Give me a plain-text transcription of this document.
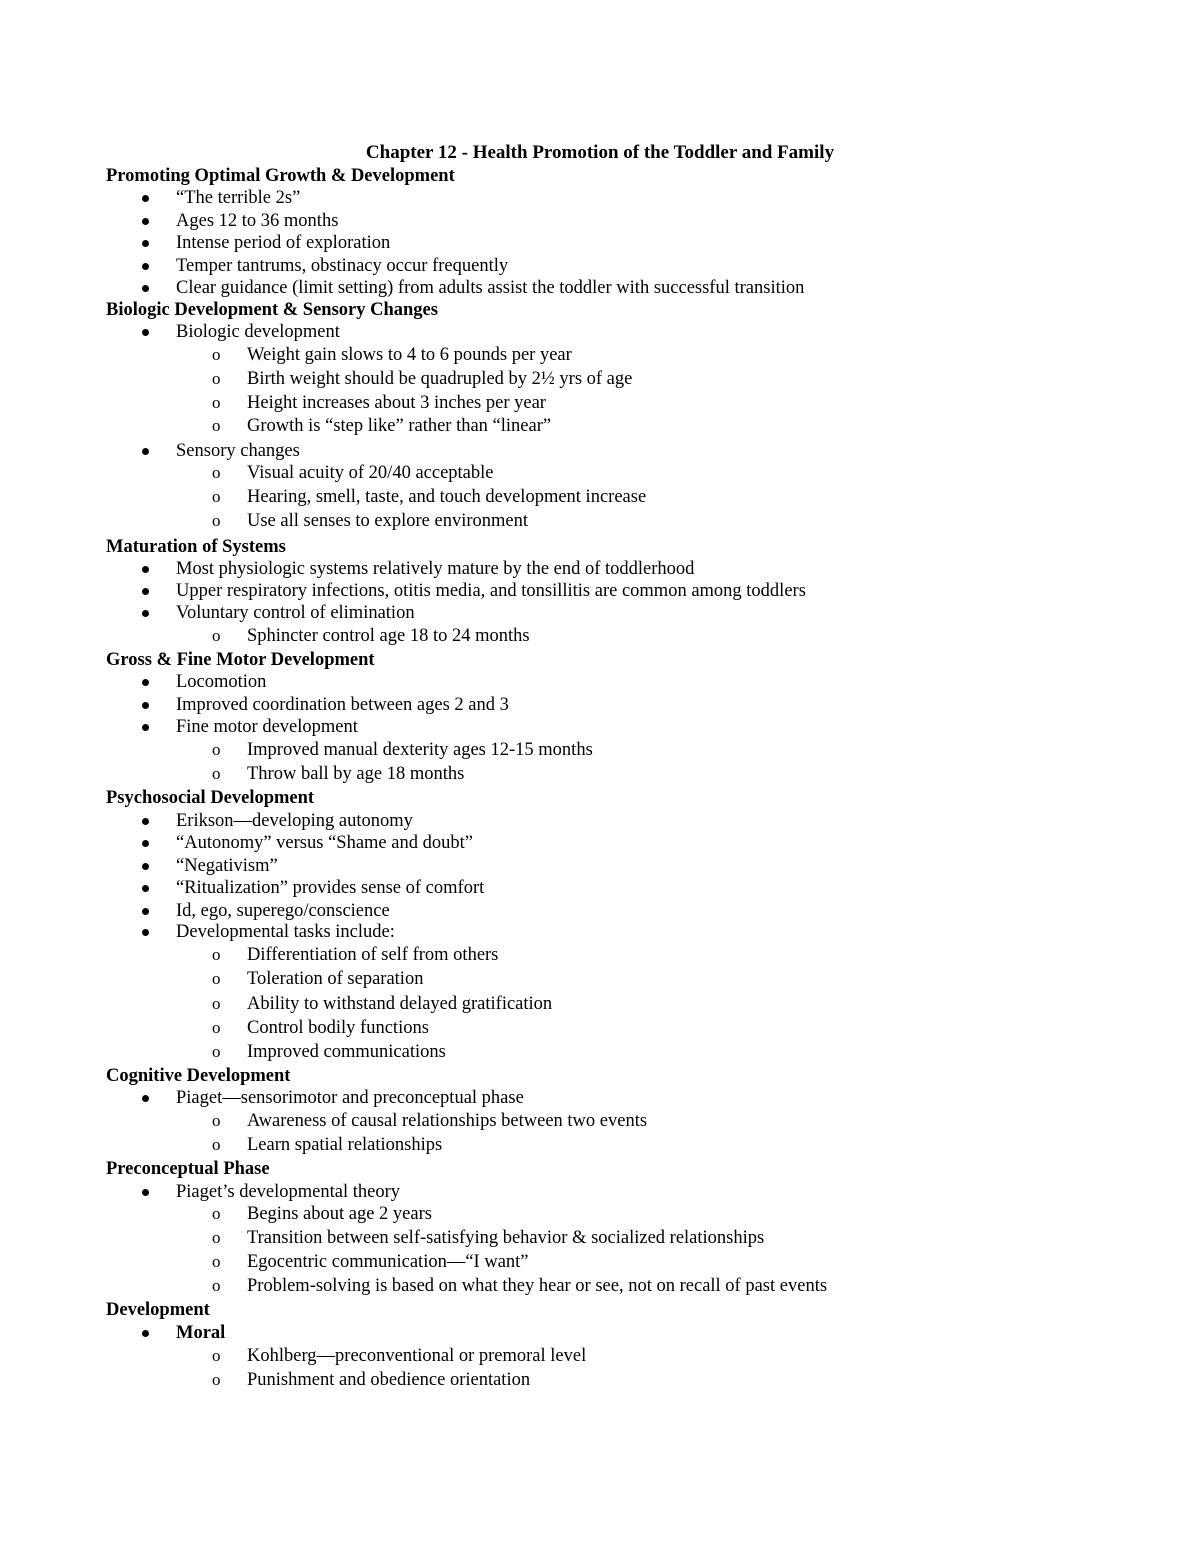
Chapter 12 - Health Promotion of the Toddler and Family
Promoting Optimal Growth & Development
“The terrible 2s”
Ages 12 to 36 months
Intense period of exploration
Temper tantrums, obstinacy occur frequently
Clear guidance (limit setting) from adults assist the toddler with successful transition
Biologic Development & Sensory Changes
Biologic development
o Weight gain slows to 4 to 6 pounds per year
o Birth weight should be quadrupled by 2½ yrs of age
o Height increases about 3 inches per year
o Growth is “step like” rather than “linear”
Sensory changes
o Visual acuity of 20/40 acceptable
o Hearing, smell, taste, and touch development increase
o Use all senses to explore environment
Maturation of Systems
Most physiologic systems relatively mature by the end of toddlerhood
Upper respiratory infections, otitis media, and tonsillitis are common among toddlers
Voluntary control of elimination
o Sphincter control age 18 to 24 months
Gross & Fine Motor Development
Locomotion
Improved coordination between ages 2 and 3
Fine motor development
o Improved manual dexterity ages 12-15 months
o Throw ball by age 18 months
Psychosocial Development
Erikson—developing autonomy
“Autonomy” versus “Shame and doubt”
“Negativism”
“Ritualization” provides sense of comfort
Id, ego, superego/conscience
Developmental tasks include:
o Differentiation of self from others
o Toleration of separation
o Ability to withstand delayed gratification
o Control bodily functions
o Improved communications
Cognitive Development
Piaget—sensorimotor and preconceptual phase
o Awareness of causal relationships between two events
o Learn spatial relationships
Preconceptual Phase
Piaget’s developmental theory
o Begins about age 2 years
o Transition between self-satisfying behavior & socialized relationships
o Egocentric communication—“I want”
o Problem-solving is based on what they hear or see, not on recall of past events
Development
Moral
o Kohlberg—preconventional or premoral level
o Punishment and obedience orientation
